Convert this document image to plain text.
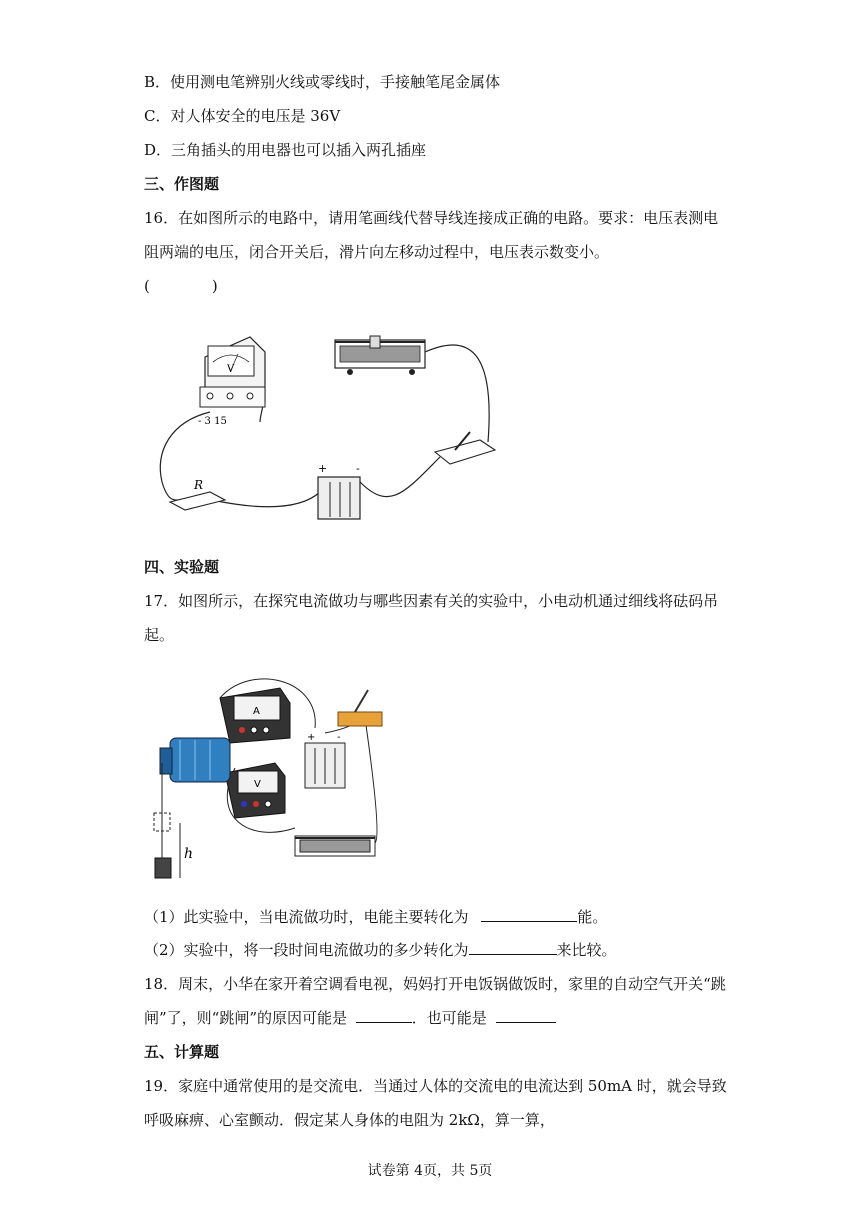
B．使用测电笔辨别火线或零线时，手接触笔尾金属体
C．对人体安全的电压是 36V
D．三角插头的用电器也可以插入两孔插座
三、作图题
16．在如图所示的电路中，请用笔画线代替导线连接成正确的电路。要求：电压表测电
阻两端的电压，闭合开关后，滑片向左移动过程中，电压表示数变小。
(	)
V
- 3 15
R
+	-
四、实验题
17．如图所示，在探究电流做功与哪些因素有关的实验中，小电动机通过细线将砝码吊
起。
A
V
h
+ -
（1）此实验中，当电流做功时，电能主要转化为	能。
（2）实验中，将一段时间电流做功的多少转化为	来比较。
18．周末，小华在家开着空调看电视，妈妈打开电饭锅做饭时，家里的自动空气开关“跳
闸”了，则“跳闸”的原因可能是	．也可能是
五、计算题
19．家庭中通常使用的是交流电．当通过人体的交流电的电流达到 50mA 时，就会导致
呼吸麻痹、心室颤动．假定某人身体的电阻为 2kΩ，算一算，
试卷第 4页，共 5页
